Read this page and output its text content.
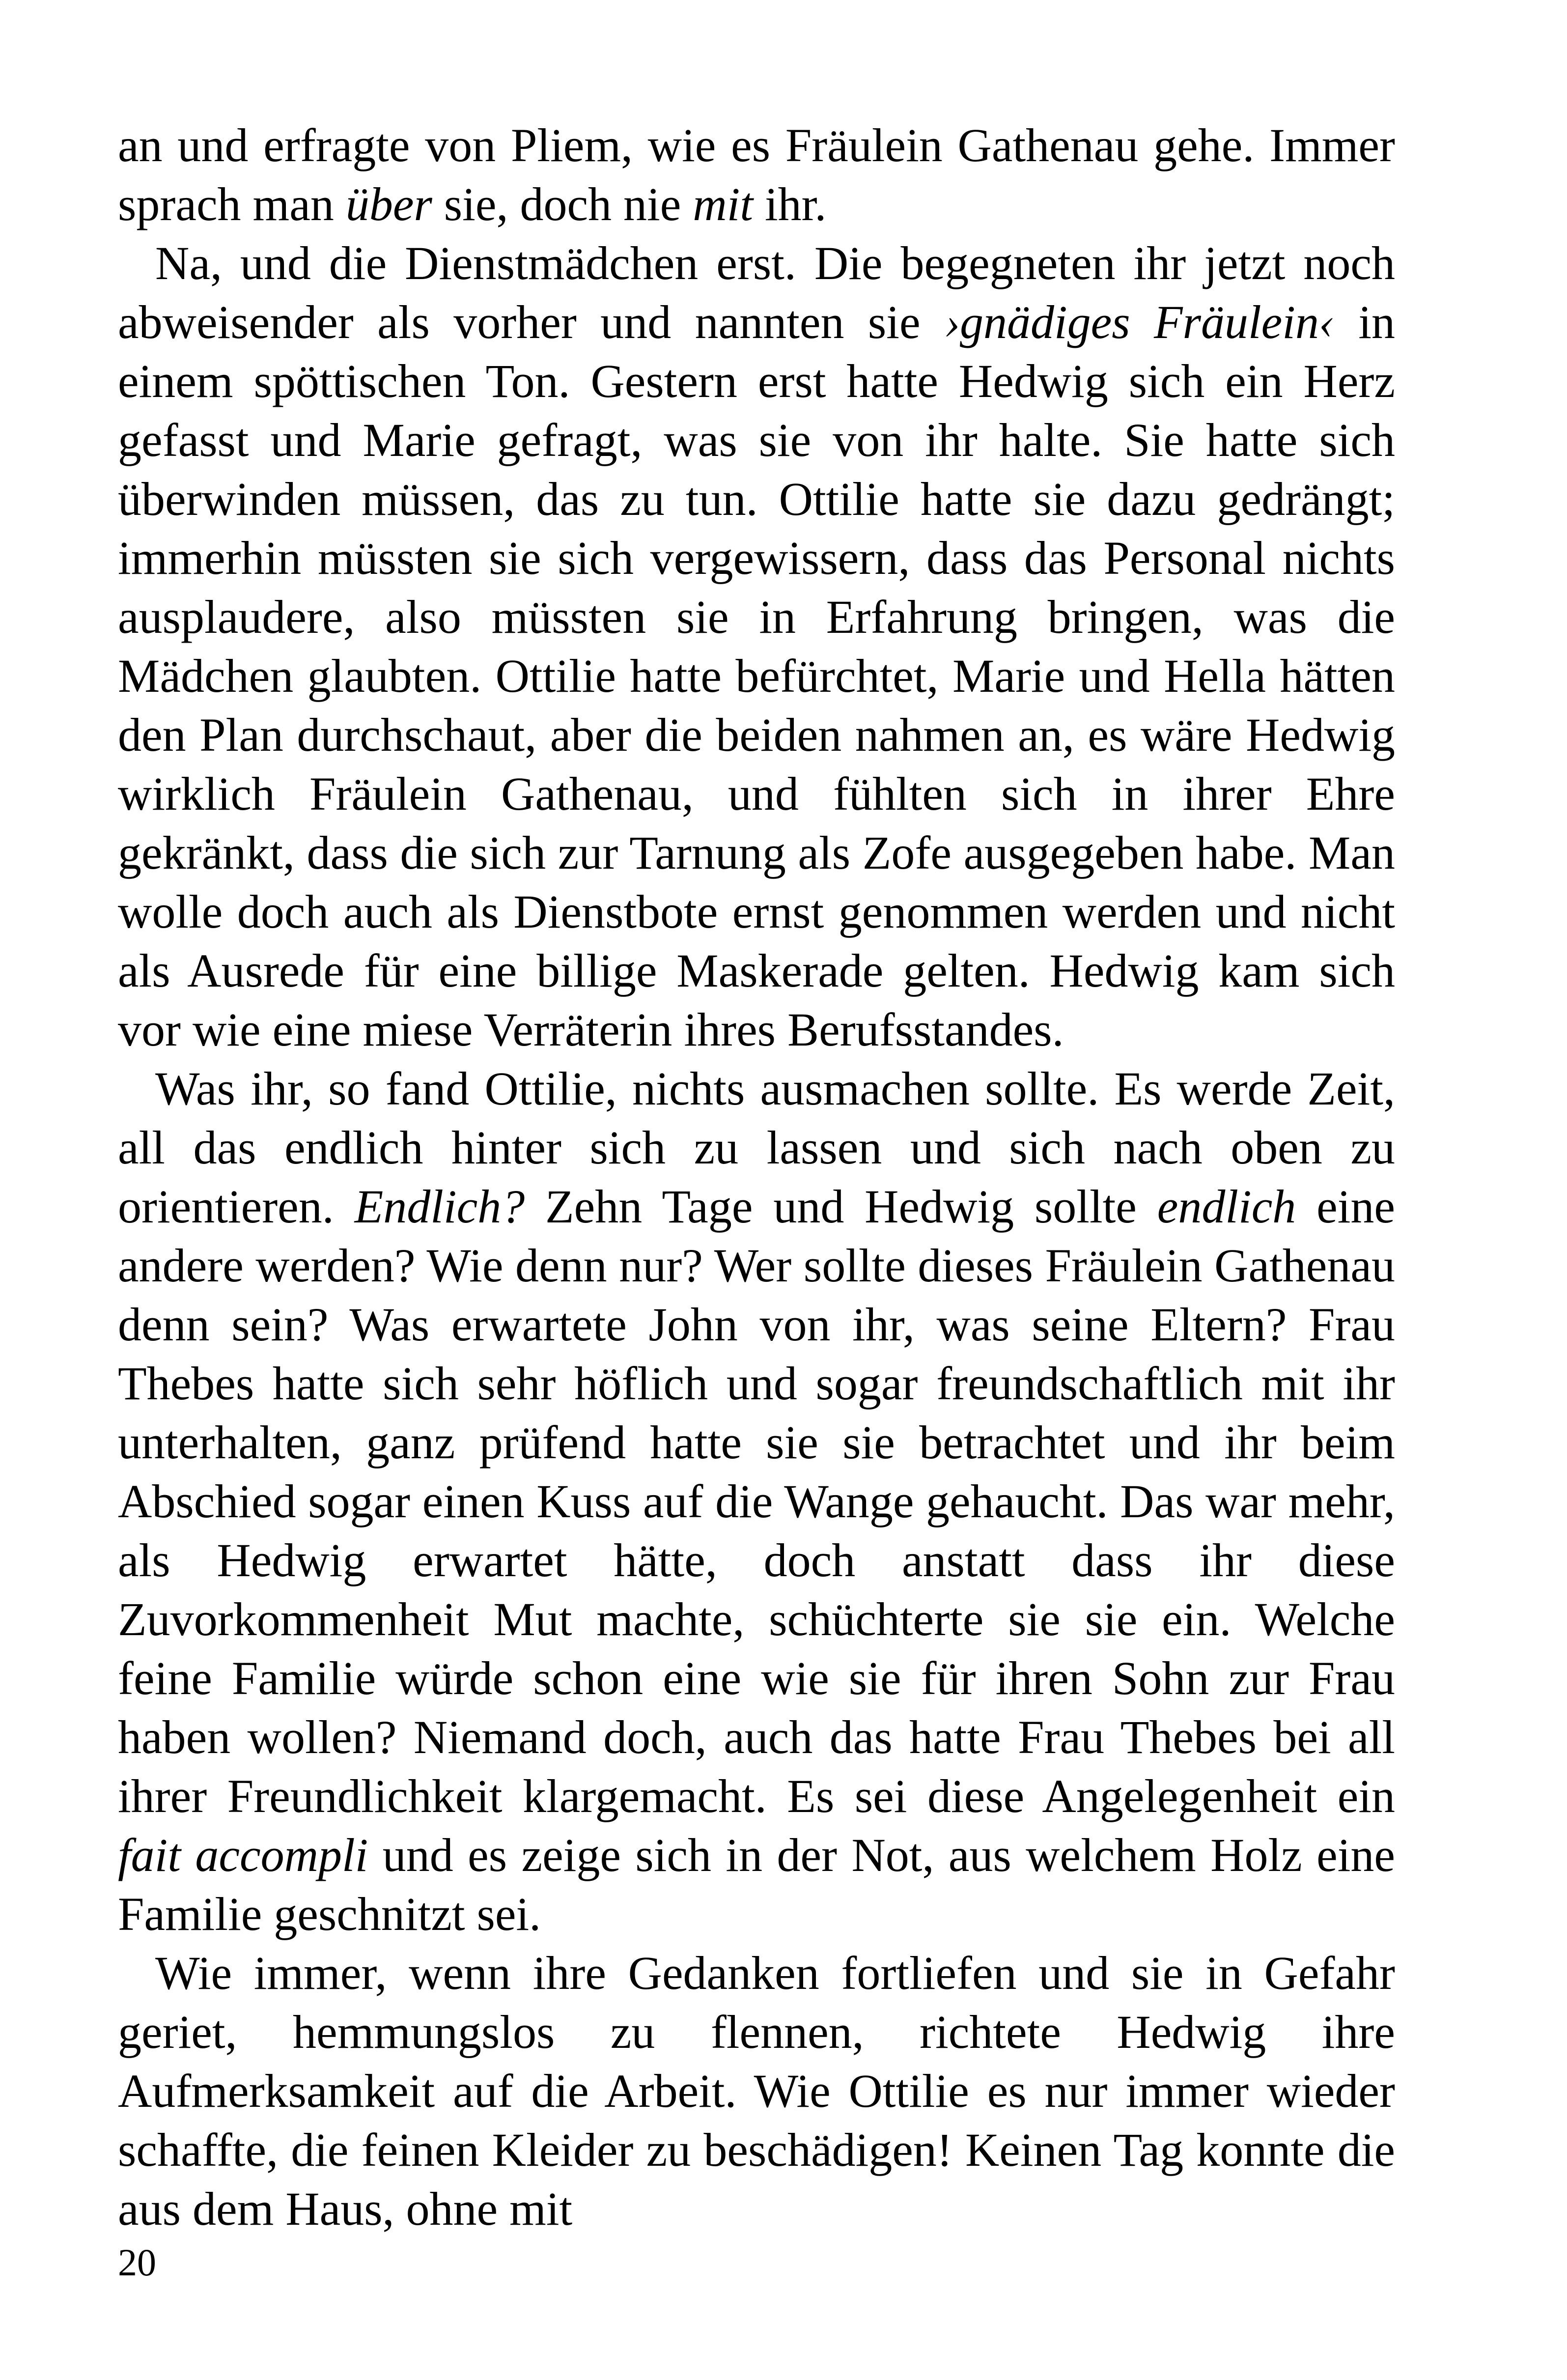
an und erfragte von Pliem, wie es Fräulein Gathenau gehe. Immer sprach man über sie, doch nie mit ihr.

Na, und die Dienstmädchen erst. Die begegneten ihr jetzt noch abweisender als vorher und nannten sie ›gnädiges Fräulein‹ in einem spöttischen Ton. Gestern erst hatte Hedwig sich ein Herz gefasst und Marie gefragt, was sie von ihr halte. Sie hatte sich überwinden müssen, das zu tun. Ottilie hatte sie dazu gedrängt; immerhin müssten sie sich vergewissern, dass das Personal nichts ausplaudere, also müssten sie in Erfahrung bringen, was die Mädchen glaubten. Ottilie hatte befürchtet, Marie und Hella hätten den Plan durchschaut, aber die beiden nahmen an, es wäre Hedwig wirklich Fräulein Gathenau, und fühlten sich in ihrer Ehre gekränkt, dass die sich zur Tarnung als Zofe ausgegeben habe. Man wolle doch auch als Dienstbote ernst genommen werden und nicht als Ausrede für eine billige Maskerade gelten. Hedwig kam sich vor wie eine miese Verräterin ihres Berufsstandes.

Was ihr, so fand Ottilie, nichts ausmachen sollte. Es werde Zeit, all das endlich hinter sich zu lassen und sich nach oben zu orientieren. Endlich? Zehn Tage und Hedwig sollte endlich eine andere werden? Wie denn nur? Wer sollte dieses Fräulein Gathenau denn sein? Was erwartete John von ihr, was seine Eltern? Frau Thebes hatte sich sehr höflich und sogar freundschaftlich mit ihr unterhalten, ganz prüfend hatte sie sie betrachtet und ihr beim Abschied sogar einen Kuss auf die Wange gehaucht. Das war mehr, als Hedwig erwartet hätte, doch anstatt dass ihr diese Zuvorkommenheit Mut machte, schüchterte sie sie ein. Welche feine Familie würde schon eine wie sie für ihren Sohn zur Frau haben wollen? Niemand doch, auch das hatte Frau Thebes bei all ihrer Freundlichkeit klargemacht. Es sei diese Angelegenheit ein fait accompli und es zeige sich in der Not, aus welchem Holz eine Familie geschnitzt sei.

Wie immer, wenn ihre Gedanken fortliefen und sie in Gefahr geriet, hemmungslos zu flennen, richtete Hedwig ihre Aufmerksamkeit auf die Arbeit. Wie Ottilie es nur immer wieder schaffte, die feinen Kleider zu beschädigen! Keinen Tag konnte die aus dem Haus, ohne mit

20
